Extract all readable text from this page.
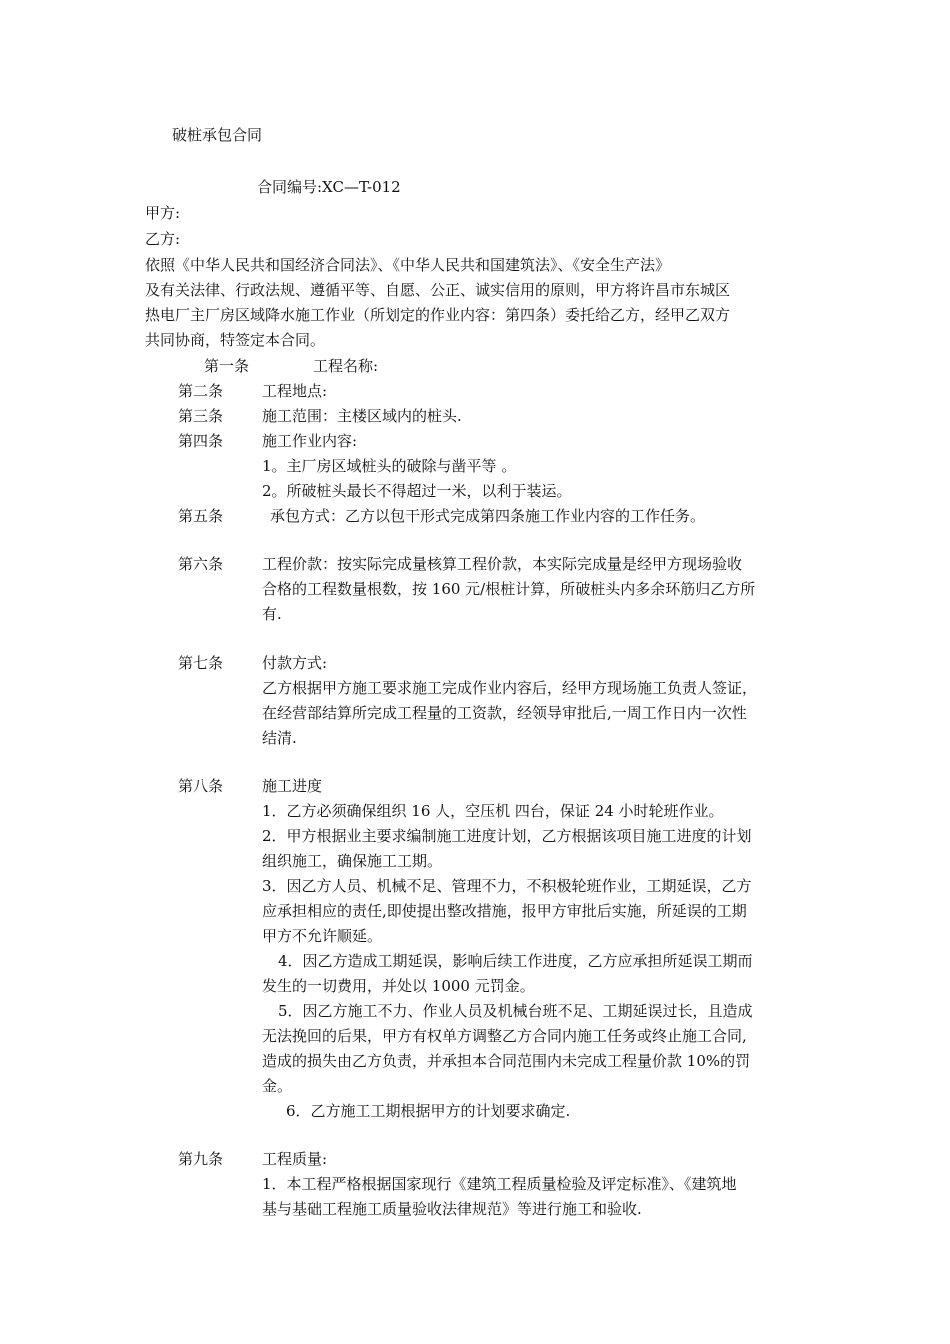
破桩承包合同
合同编号:XC—T-012
甲方:
乙方:
依照《中华人民共和国经济合同法》、《中华人民共和国建筑法》、《安全生产法》
及有关法律、行政法规、遵循平等、自愿、公正、诚实信用的原则，甲方将许昌市东城区
热电厂主厂房区域降水施工作业（所划定的作业内容：第四条）委托给乙方，经甲乙双方
共同协商，特签定本合同。
第一条	工程名称:
第二条	工程地点:
第三条	施工范围：主楼区域内的桩头.
第四条	施工作业内容:
1。主厂房区域桩头的破除与凿平等 。
2。所破桩头最长不得超过一米，以利于装运。
第五条	承包方式：乙方以包干形式完成第四条施工作业内容的工作任务。
第六条	工程价款：按实际完成量核算工程价款，本实际完成量是经甲方现场验收
合格的工程数量根数，按 160 元/根桩计算，所破桩头内多余环筋归乙方所
有.
第七条	付款方式:
乙方根据甲方施工要求施工完成作业内容后，经甲方现场施工负责人签证，
在经营部结算所完成工程量的工资款，经领导审批后,一周工作日内一次性
结清.
第八条	施工进度
1．乙方必须确保组织 16 人，空压机 四台，保证 24 小时轮班作业。
2．甲方根据业主要求编制施工进度计划，乙方根据该项目施工进度的计划
组织施工，确保施工工期。
3．因乙方人员、机械不足、管理不力，不积极轮班作业，工期延误，乙方
应承担相应的责任,即使提出整改措施，报甲方审批后实施，所延误的工期
甲方不允许顺延。
4．因乙方造成工期延误，影响后续工作进度，乙方应承担所延误工期而
发生的一切费用，并处以 1000 元罚金。
5．因乙方施工不力、作业人员及机械台班不足、工期延误过长，且造成
无法挽回的后果，甲方有权单方调整乙方合同内施工任务或终止施工合同,
造成的损失由乙方负责，并承担本合同范围内未完成工程量价款 10%的罚
金。
6．乙方施工工期根据甲方的计划要求确定.
第九条	工程质量:
1．本工程严格根据国家现行《建筑工程质量检验及评定标准》、《建筑地
基与基础工程施工质量验收法律规范》等进行施工和验收.
